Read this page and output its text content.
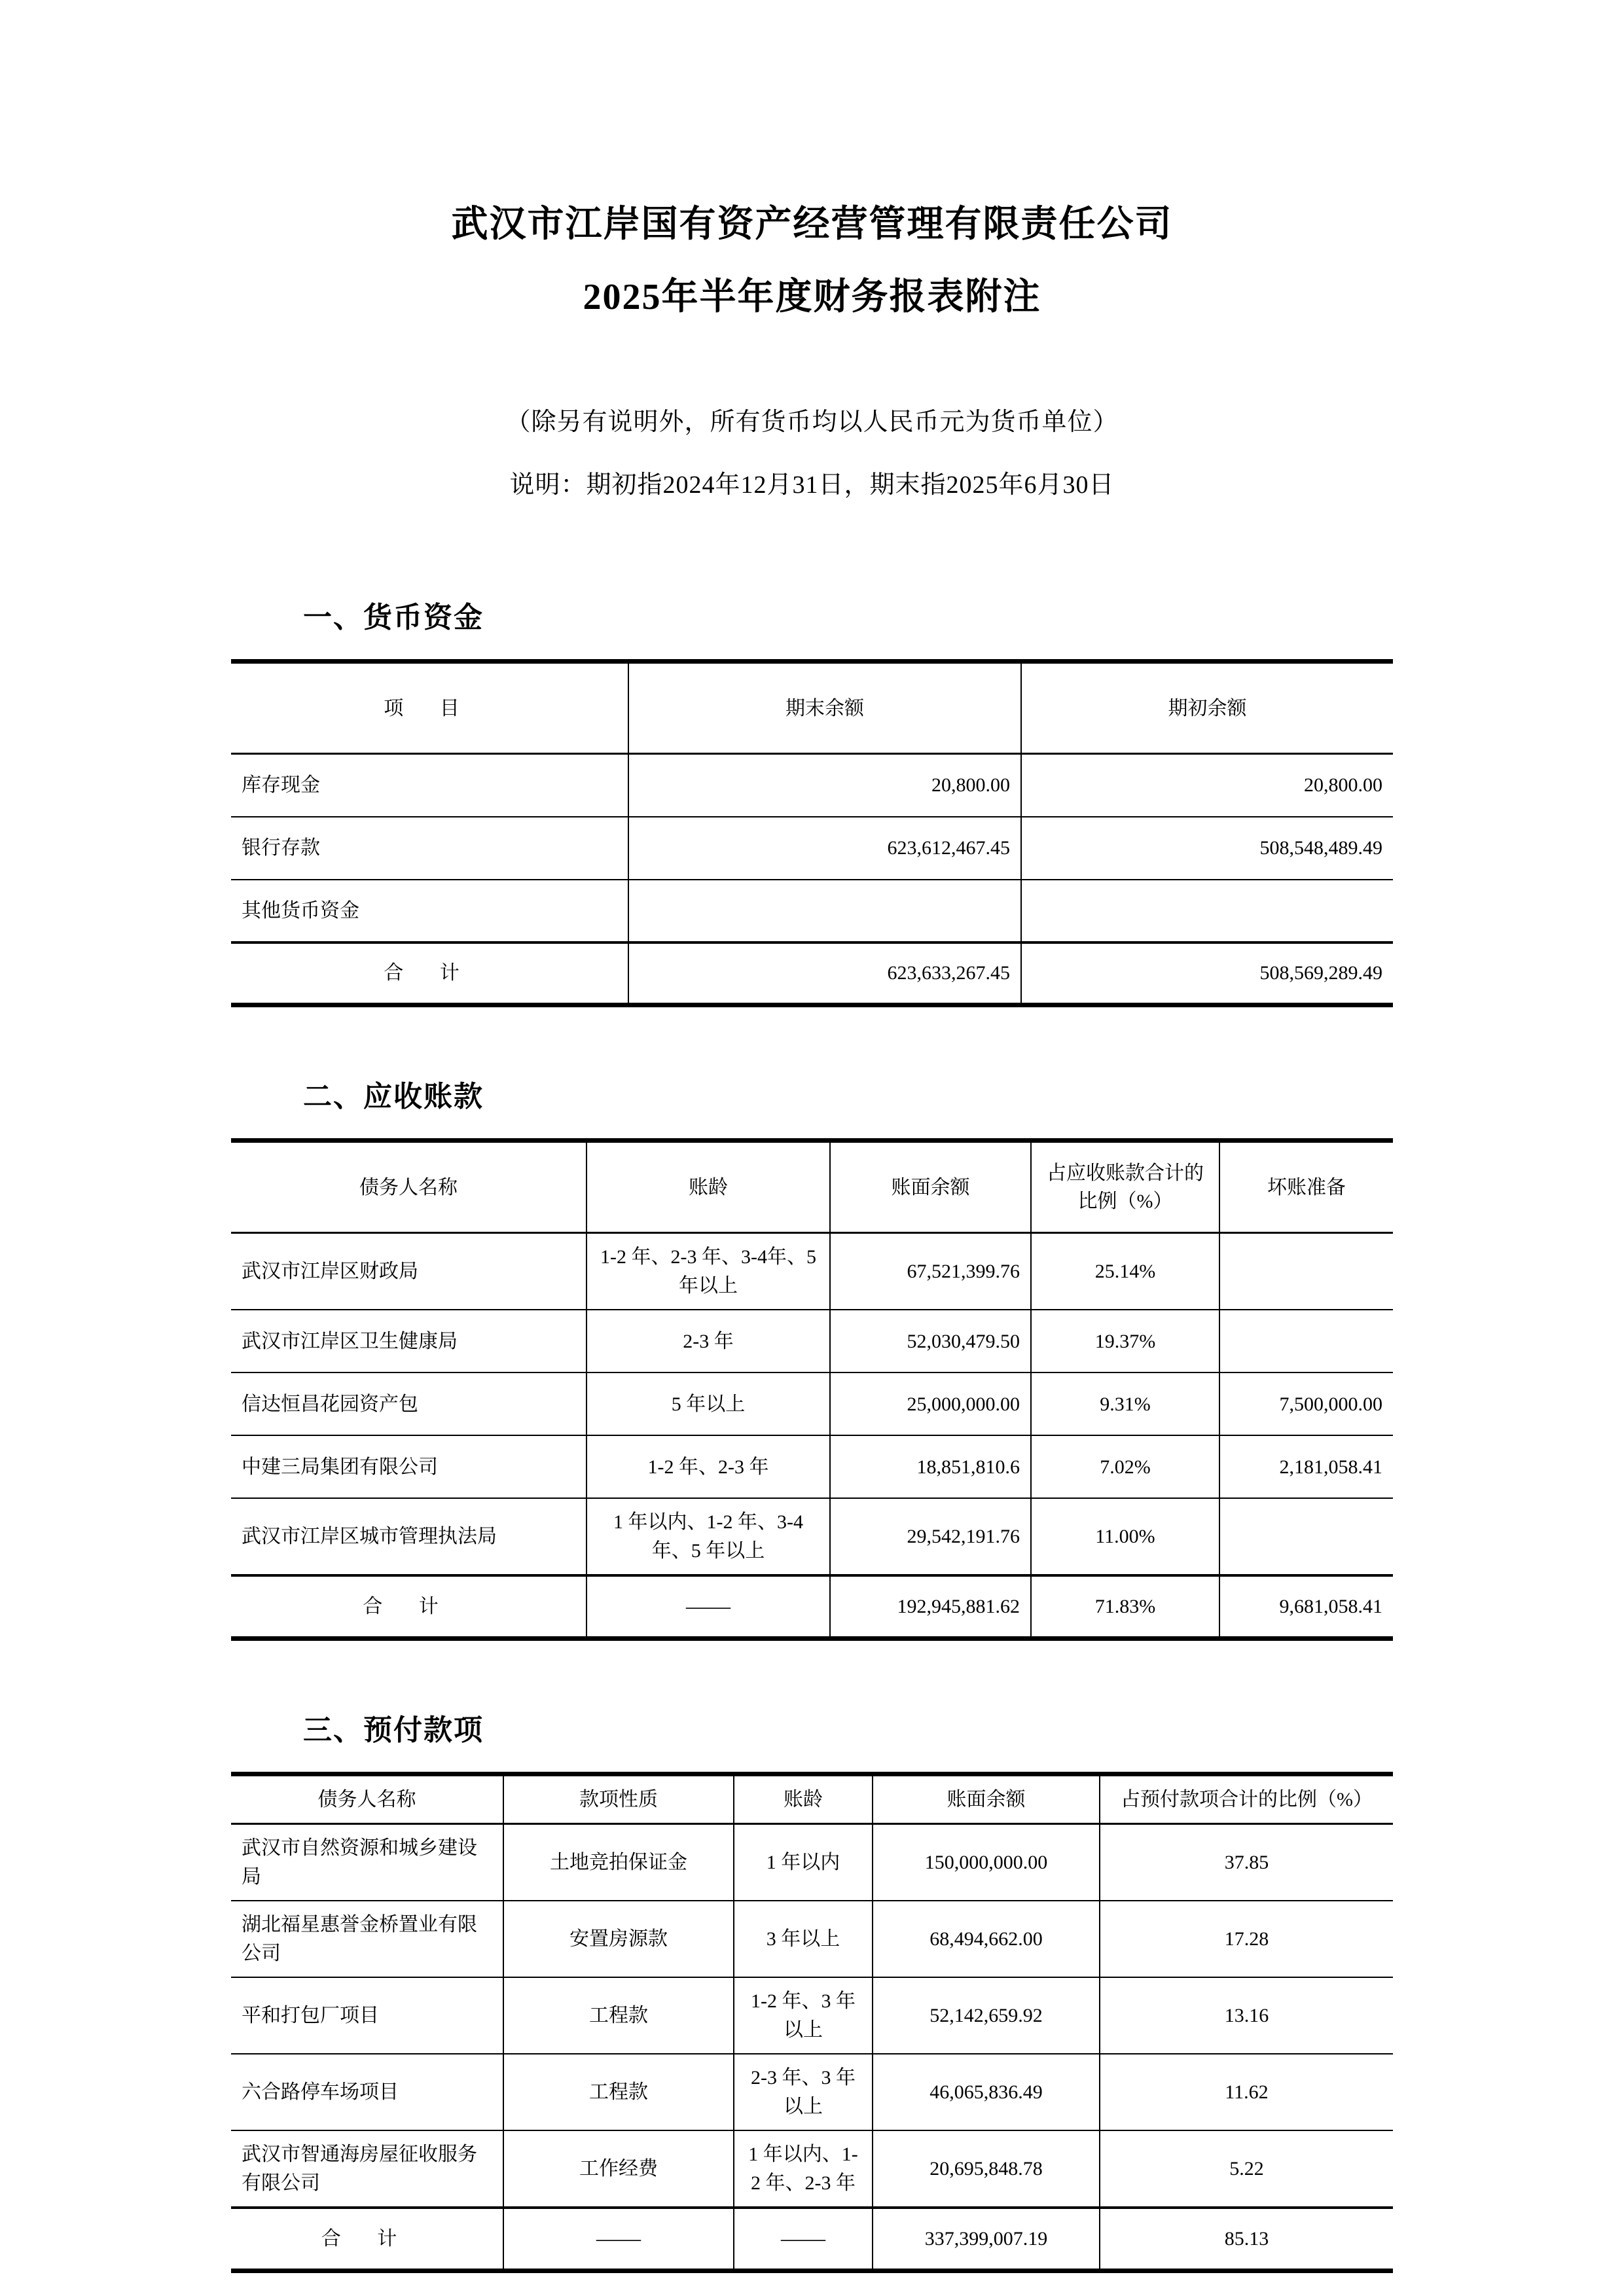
武汉市江岸国有资产经营管理有限责任公司
2025年半年度财务报表附注

（除另有说明外，所有货币均以人民币元为货币单位）

说明：期初指2024年12月31日，期末指2025年6月30日

一、货币资金
项 目	期末余额	期初余额
库存现金	20,800.00	20,800.00
银行存款	623,612,467.45	508,548,489.49
其他货币资金		
合 计	623,633,267.45	508,569,289.49
二、应收账款
债务人名称	账龄	账面余额	占应收账款合计的比例（%）	坏账准备
武汉市江岸区财政局	1-2 年、2-3 年、3-4年、5 年以上	67,521,399.76	25.14%	
武汉市江岸区卫生健康局	2-3 年	52,030,479.50	19.37%	
信达恒昌花园资产包	5 年以上	25,000,000.00	9.31%	7,500,000.00
中建三局集团有限公司	1-2 年、2-3 年	18,851,810.6	7.02%	2,181,058.41
武汉市江岸区城市管理执法局	1 年以内、1-2 年、3-4年、5 年以上	29,542,191.76	11.00%	
合 计	——	192,945,881.62	71.83%	9,681,058.41
三、预付款项
债务人名称	款项性质	账龄	账面余额	占预付款项合计的比例（%）
武汉市自然资源和城乡建设局	土地竞拍保证金	1 年以内	150,000,000.00	37.85
湖北福星惠誉金桥置业有限公司	安置房源款	3 年以上	68,494,662.00	17.28
平和打包厂项目	工程款	1-2 年、3 年以上	52,142,659.92	13.16
六合路停车场项目	工程款	2-3 年、3 年以上	46,065,836.49	11.62
武汉市智通海房屋征收服务有限公司	工作经费	1 年以内、1-2 年、2-3 年	20,695,848.78	5.22
合 计	——	——	337,399,007.19	85.13
